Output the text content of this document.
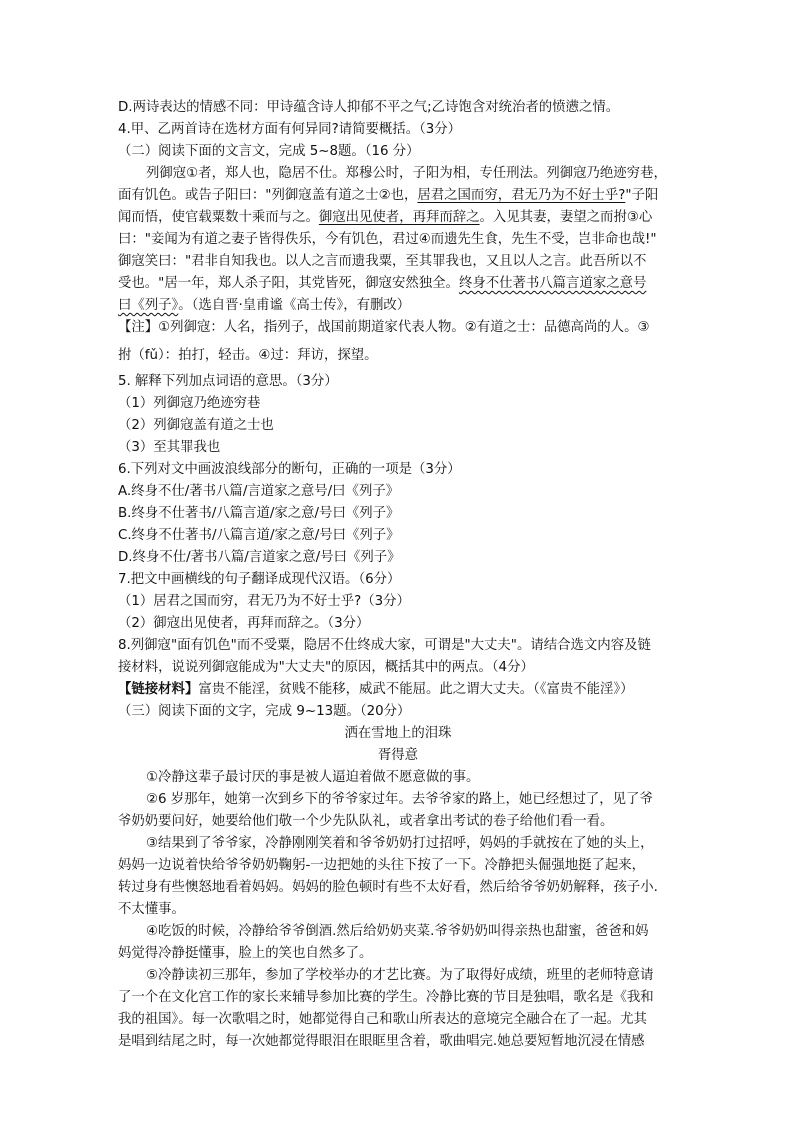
D.两诗表达的情感不同：甲诗蕴含诗人抑郁不平之气;乙诗饱含对统治者的愤懑之情。
4.甲、乙两首诗在选材方面有何异同?请简要概括。（3分）
（二）阅读下面的文言文，完成 5~8题。（16 分）
列御寇①者，郑人也，隐居不仕。郑穆公时，子阳为相，专任刑法。列御寇乃绝迹穷巷，
面有饥色。或告子阳曰："列御寇盖有道之士②也，居君之国而穷，君无乃为不好士乎?"子阳
闻而悟，使官载粟数十乘而与之。御寇出见使者，再拜而辞之。入见其妻，妻望之而拊③心
曰："妾闻为有道之妻子皆得佚乐，今有饥色，君过④而遗先生食，先生不受，岂非命也哉!"
御寇笑曰："君非自知我也。以人之言而遗我粟，至其罪我也，又且以人之言。此吾所以不
受也。"居一年，郑人杀子阳，其党皆死，御寇安然独全。终身不仕著书八篇言道家之意号
曰《列子》。（选自晋·皇甫谧《高士传》，有删改）
【注】①列御寇：人名，指列子，战国前期道家代表人物。②有道之士：品德高尚的人。③
拊（fǔ）：拍打，轻击。④过：拜访，探望。
5. 解释下列加点词语的意思。（3分）
（1）列御寇乃绝迹穷巷
（2）列御寇盖有道之士也
（3）至其罪我也
6.下列对文中画波浪线部分的断句，正确的一项是（3分）
A.终身不仕/著书八篇/言道家之意号/曰《列子》
B.终身不仕著书/八篇言道/家之意/号曰《列子》
C.终身不仕著书/八篇言道/家之意/号曰《列子》
D.终身不仕/著书八篇/言道家之意/号曰《列子》
7.把文中画横线的句子翻译成现代汉语。（6分）
（1）居君之国而穷，君无乃为不好士乎?（3分）
（2）御寇出见使者，再拜而辞之。（3分）
8.列御寇"面有饥色"而不受粟，隐居不仕终成大家，可谓是"大丈夫"。请结合选文内容及链
接材料，说说列御寇能成为"大丈夫"的原因，概括其中的两点。（4分）
【链接材料】富贵不能淫，贫贱不能移，威武不能屈。此之谓大丈夫。（《富贵不能淫》）
（三）阅读下面的文字，完成 9~13题。（20分）
洒在雪地上的泪珠
胥得意
①冷静这辈子最讨厌的事是被人逼迫着做不愿意做的事。
②6 岁那年，她第一次到乡下的爷爷家过年。去爷爷家的路上，她已经想过了，见了爷
爷奶奶要问好，她要给他们敬一个少先队队礼，或者拿出考试的卷子给他们看一看。
③结果到了爷爷家，冷静刚刚笑着和爷爷奶奶打过招呼，妈妈的手就按在了她的头上，
妈妈一边说着快给爷爷奶奶鞠躬-一边把她的头往下按了一下。冷静把头倔强地挺了起来，
转过身有些懊怒地看着妈妈。妈妈的脸色顿时有些不太好看，然后给爷爷奶奶解释，孩子小.
不太懂事。
④吃饭的时候，冷静给爷爷倒酒.然后给奶奶夹菜.爷爷奶奶叫得亲热也甜蜜，爸爸和妈
妈觉得冷静挺懂事，脸上的笑也自然多了。
⑤冷静读初三那年，参加了学校举办的才艺比赛。为了取得好成绩，班里的老师特意请
了一个在文化宫工作的家长来辅导参加比赛的学生。冷静比赛的节目是独唱，歌名是《我和
我的祖国》。每一次歌唱之时，她都觉得自己和歌山所表达的意境完全融合在了一起。尤其
是唱到结尾之时，每一次她都觉得眼泪在眼眶里含着，歌曲唱完.她总要短暂地沉浸在情感
